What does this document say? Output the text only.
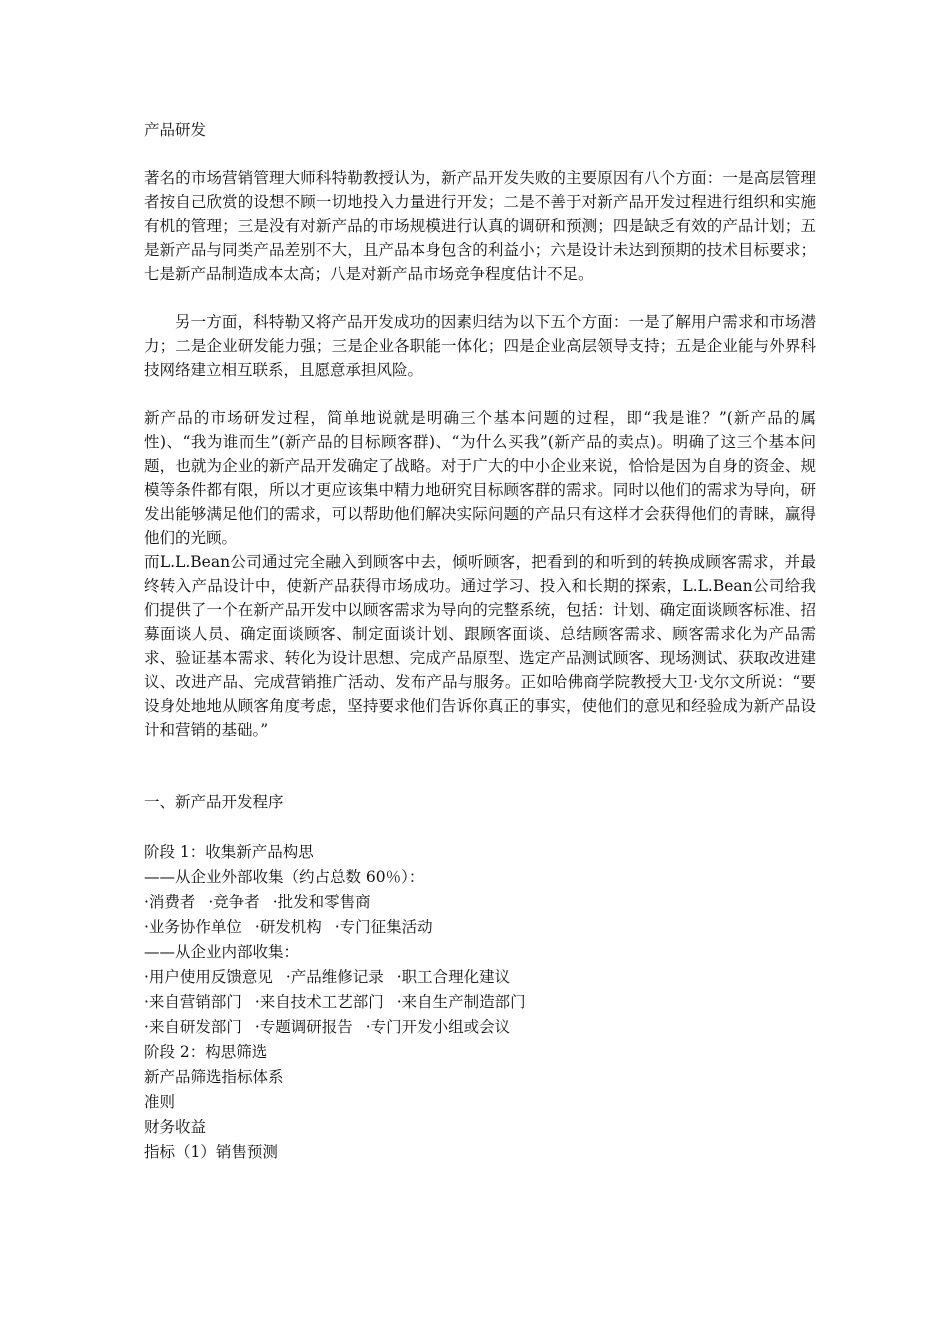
产品研发

著名的市场营销管理大师科特勒教授认为，新产品开发失败的主要原因有八个方面：一是高层管理者按自己欣赏的设想不顾一切地投入力量进行开发；二是不善于对新产品开发过程进行组织和实施有机的管理；三是没有对新产品的市场规模进行认真的调研和预测；四是缺乏有效的产品计划；五是新产品与同类产品差别不大，且产品本身包含的利益小；六是设计未达到预期的技术目标要求；七是新产品制造成本太高；八是对新产品市场竞争程度估计不足。

另一方面，科特勒又将产品开发成功的因素归结为以下五个方面：一是了解用户需求和市场潜力；二是企业研发能力强；三是企业各职能一体化；四是企业高层领导支持；五是企业能与外界科技网络建立相互联系，且愿意承担风险。

新产品的市场研发过程，简单地说就是明确三个基本问题的过程，即“我是谁？”(新产品的属性)、“我为谁而生”(新产品的目标顾客群)、“为什么买我”(新产品的卖点)。明确了这三个基本问题，也就为企业的新产品开发确定了战略。对于广大的中小企业来说，恰恰是因为自身的资金、规模等条件都有限，所以才更应该集中精力地研究目标顾客群的需求。同时以他们的需求为导向，研发出能够满足他们的需求，可以帮助他们解决实际问题的产品只有这样才会获得他们的青睐，赢得他们的光顾。

而L.L.Bean公司通过完全融入到顾客中去，倾听顾客，把看到的和听到的转换成顾客需求，并最终转入产品设计中，使新产品获得市场成功。通过学习、投入和长期的探索，L.L.Bean公司给我们提供了一个在新产品开发中以顾客需求为导向的完整系统，包括：计划、确定面谈顾客标准、招募面谈人员、确定面谈顾客、制定面谈计划、跟顾客面谈、总结顾客需求、顾客需求化为产品需求、验证基本需求、转化为设计思想、完成产品原型、选定产品测试顾客、现场测试、获取改进建议、改进产品、完成营销推广活动、发布产品与服务。正如哈佛商学院教授大卫·戈尔文所说：“要设身处地地从顾客角度考虑，坚持要求他们告诉你真正的事实，使他们的意见和经验成为新产品设计和营销的基础。”

一、新产品开发程序

阶段 1：收集新产品构思

——从企业外部收集（约占总数 60％）：

·消费者 ·竞争者 ·批发和零售商

·业务协作单位 ·研发机构 ·专门征集活动

——从企业内部收集：

·用户使用反馈意见 ·产品维修记录 ·职工合理化建议

·来自营销部门 ·来自技术工艺部门 ·来自生产制造部门

·来自研发部门 ·专题调研报告 ·专门开发小组或会议

阶段 2：构思筛选

新产品筛选指标体系

准则

财务收益

指标（1）销售预测
